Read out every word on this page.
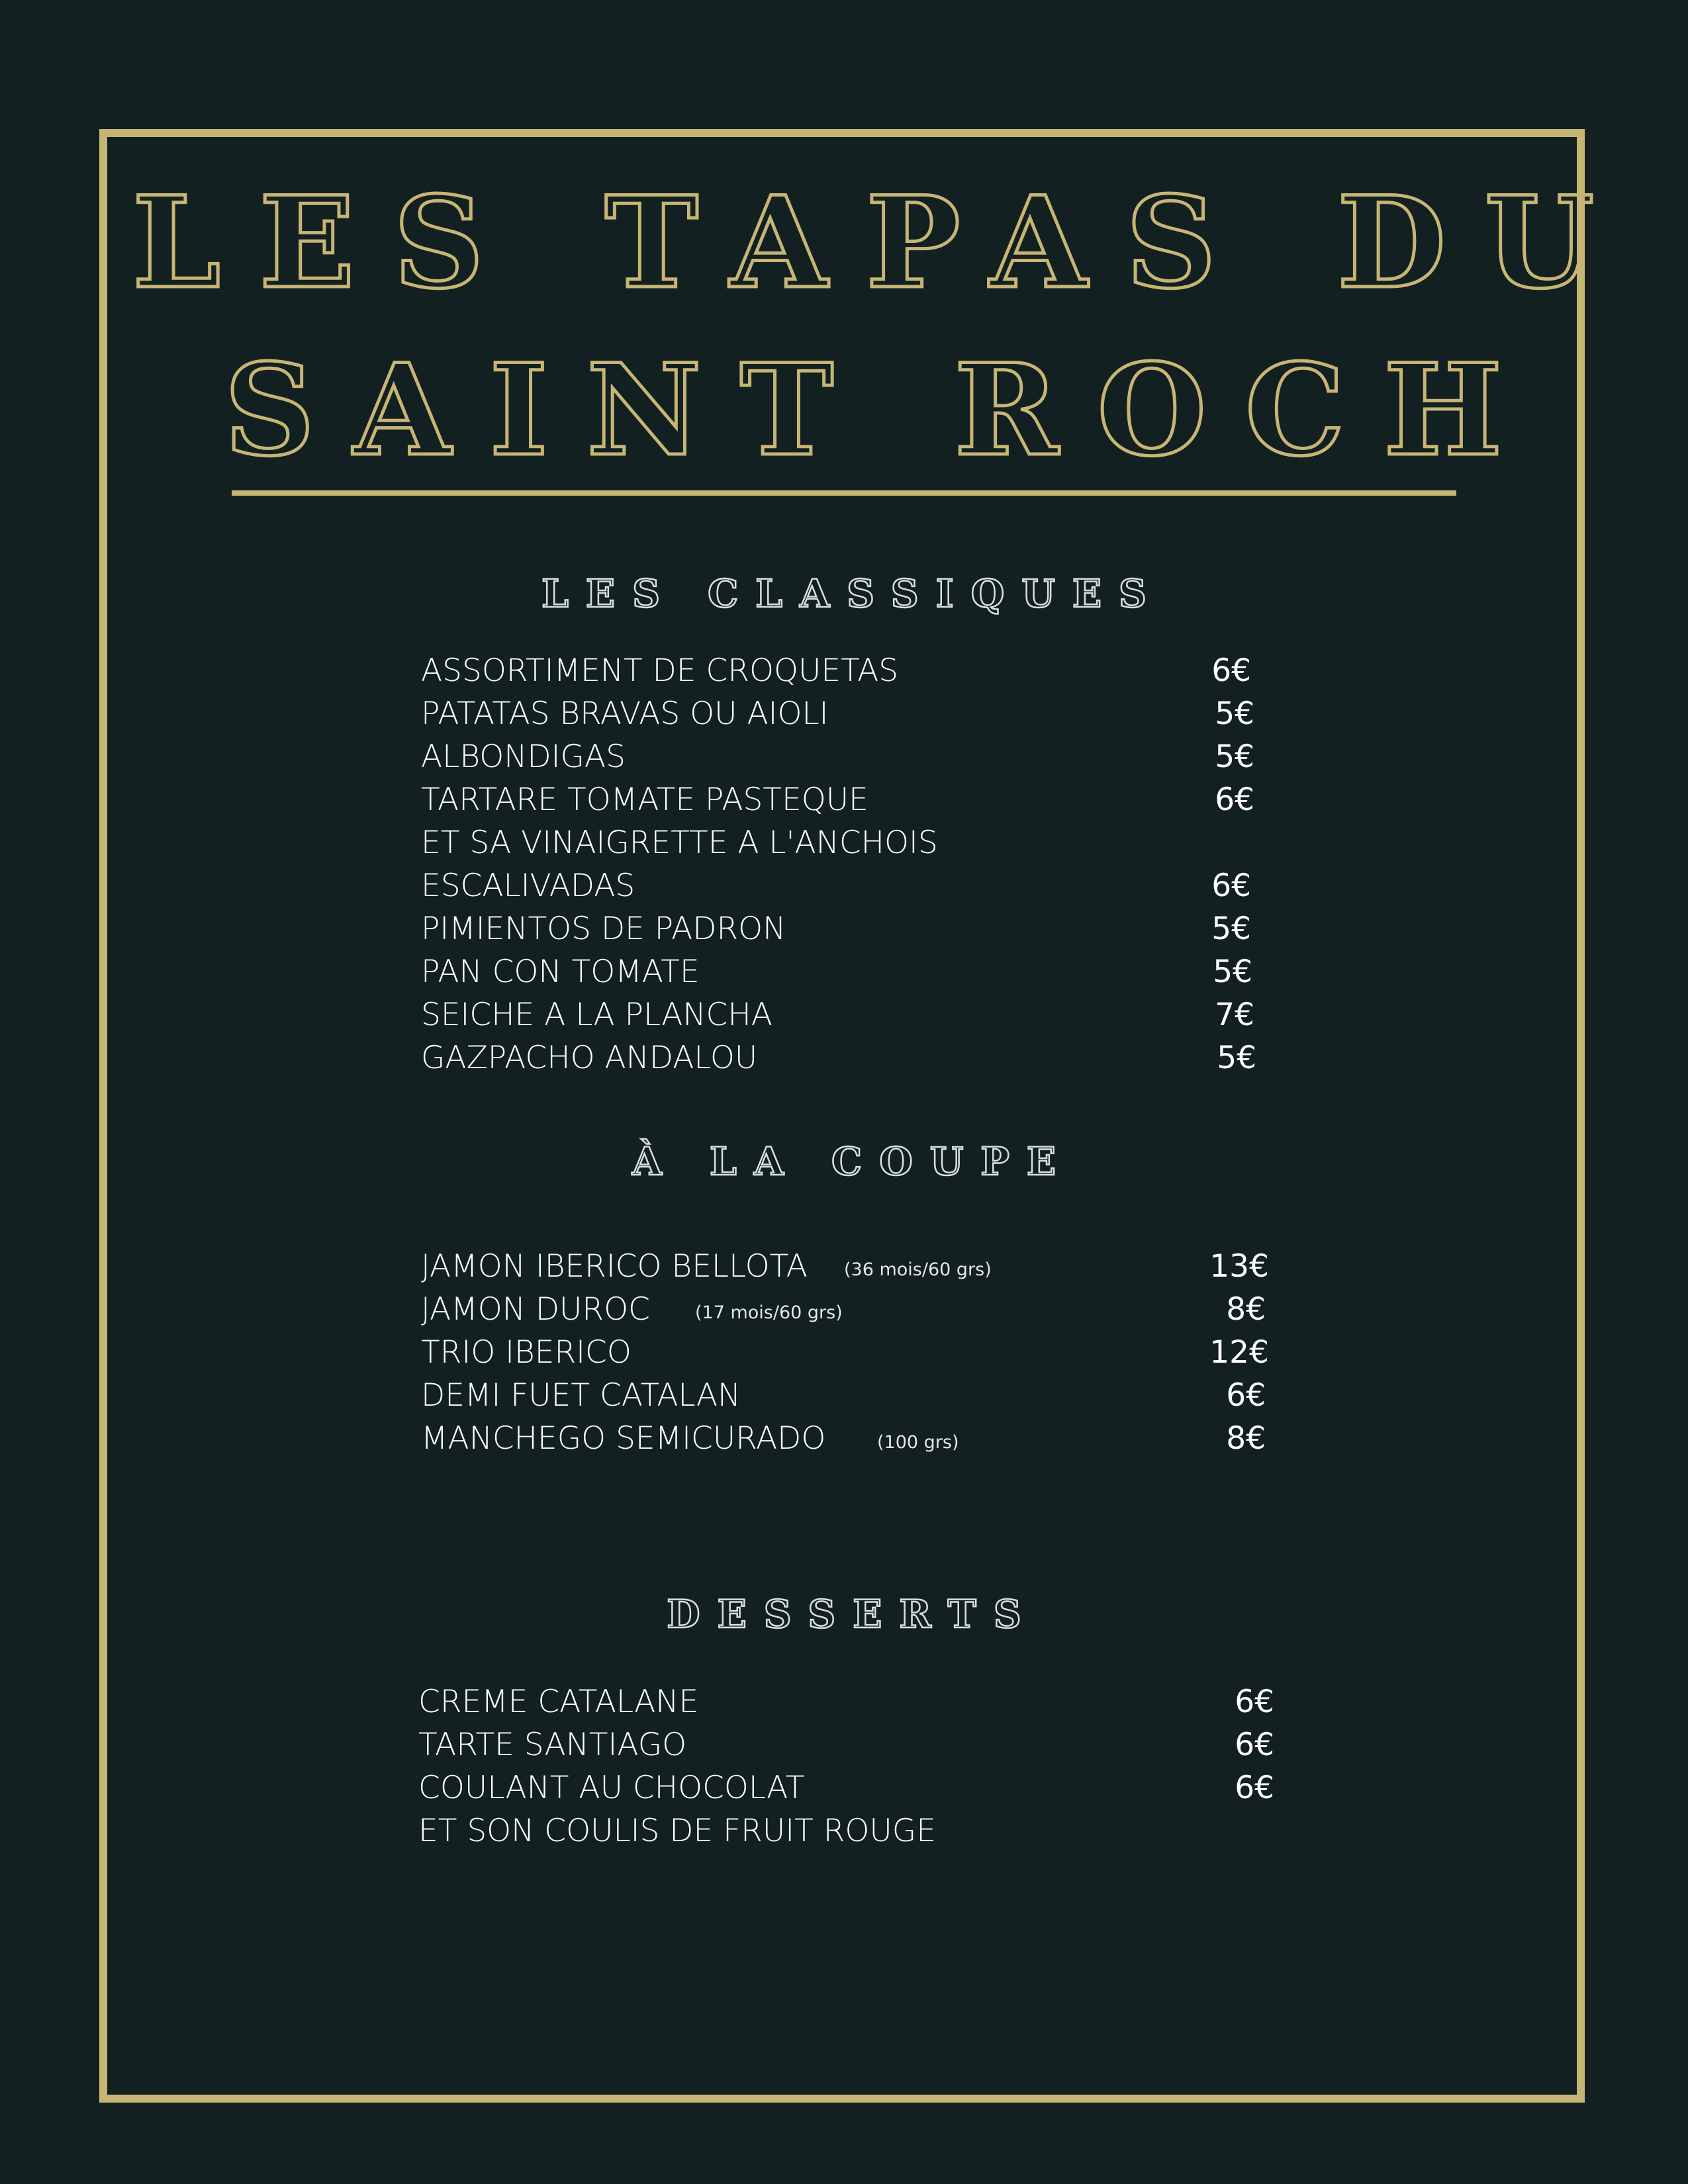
LES TAPAS DU
SAINT ROCH
LES CLASSIQUES
ASSORTIMENT DE CROQUETAS	6€
PATATAS BRAVAS OU AIOLI	5€
ALBONDIGAS	5€
TARTARE TOMATE PASTEQUE	6€
ET SA VINAIGRETTE A L'ANCHOIS
ESCALIVADAS	6€
PIMIENTOS DE PADRON	5€
PAN CON TOMATE	5€
SEICHE A LA PLANCHA	7€
GAZPACHO ANDALOU	5€
À LA COUPE
JAMON IBERICO BELLOTA (36 mois/60 grs)	13€
JAMON DUROC	(17 mois/60 grs)	8€
TRIO IBERICO	12€
DEMI FUET CATALAN	6€
MANCHEGO SEMICURADO	(100 grs)	8€
DESSERTS
CREME CATALANE	6€
TARTE SANTIAGO	6€
COULANT AU CHOCOLAT	6€
ET SON COULIS DE FRUIT ROUGE
